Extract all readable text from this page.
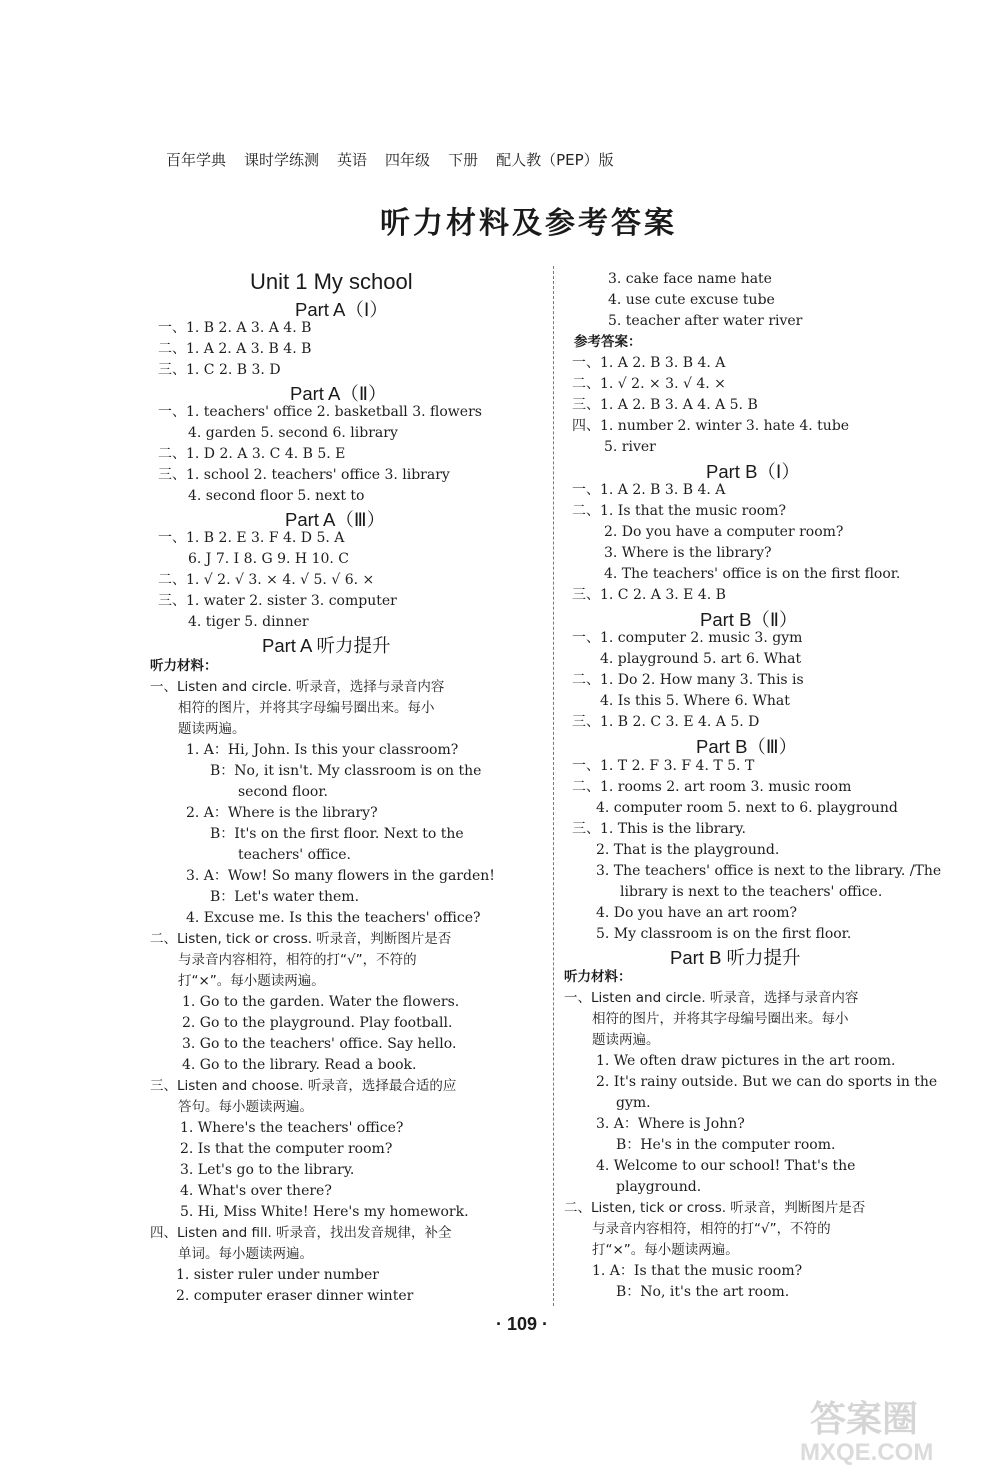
百年学典 课时学练测 英语 四年级 下册 配人教（PEP）版
听力材料及参考答案
Unit 1 My school
Part A（Ⅰ）
一、1. B 2. A 3. A 4. B
二、1. A 2. A 3. B 4. B
三、1. C 2. B 3. D
Part A（Ⅱ）
一、1. teachers' office 2. basketball 3. flowers
4. garden 5. second 6. library
二、1. D 2. A 3. C 4. B 5. E
三、1. school 2. teachers' office 3. library
4. second floor 5. next to
Part A（Ⅲ）
一、1. B 2. E 3. F 4. D 5. A
6. J 7. I 8. G 9. H 10. C
二、1. √ 2. √ 3. × 4. √ 5. √ 6. ×
三、1. water 2. sister 3. computer
4. tiger 5. dinner
Part A 听力提升
听力材料：
一、Listen and circle. 听录音，选择与录音内容
相符的图片，并将其字母编号圈出来。每小
题读两遍。
1. A：Hi, John. Is this your classroom?
B：No, it isn't. My classroom is on the
second floor.
2. A：Where is the library?
B：It's on the first floor. Next to the
teachers' office.
3. A：Wow! So many flowers in the garden!
B：Let's water them.
4. Excuse me. Is this the teachers' office?
二、Listen, tick or cross. 听录音，判断图片是否
与录音内容相符，相符的打“√”，不符的
打“×”。每小题读两遍。
1. Go to the garden. Water the flowers.
2. Go to the playground. Play football.
3. Go to the teachers' office. Say hello.
4. Go to the library. Read a book.
三、Listen and choose. 听录音，选择最合适的应
答句。每小题读两遍。
1. Where's the teachers' office?
2. Is that the computer room?
3. Let's go to the library.
4. What's over there?
5. Hi, Miss White! Here's my homework.
四、Listen and fill. 听录音，找出发音规律，补全
单词。每小题读两遍。
1. sister ruler under number
2. computer eraser dinner winter
3. cake face name hate
4. use cute excuse tube
5. teacher after water river
参考答案：
一、1. A 2. B 3. B 4. A
二、1. √ 2. × 3. √ 4. ×
三、1. A 2. B 3. A 4. A 5. B
四、1. number 2. winter 3. hate 4. tube
5. river
Part B（Ⅰ）
一、1. A 2. B 3. B 4. A
二、1. Is that the music room?
2. Do you have a computer room?
3. Where is the library?
4. The teachers' office is on the first floor.
三、1. C 2. A 3. E 4. B
Part B（Ⅱ）
一、1. computer 2. music 3. gym
4. playground 5. art 6. What
二、1. Do 2. How many 3. This is
4. Is this 5. Where 6. What
三、1. B 2. C 3. E 4. A 5. D
Part B（Ⅲ）
一、1. T 2. F 3. F 4. T 5. T
二、1. rooms 2. art room 3. music room
4. computer room 5. next to 6. playground
三、1. This is the library.
2. That is the playground.
3. The teachers' office is next to the library. /The
library is next to the teachers' office.
4. Do you have an art room?
5. My classroom is on the first floor.
Part B 听力提升
听力材料：
一、Listen and circle. 听录音，选择与录音内容
相符的图片，并将其字母编号圈出来。每小
题读两遍。
1. We often draw pictures in the art room.
2. It's rainy outside. But we can do sports in the
gym.
3. A：Where is John?
B：He's in the computer room.
4. Welcome to our school! That's the
playground.
二、Listen, tick or cross. 听录音，判断图片是否
与录音内容相符，相符的打“√”，不符的
打“×”。每小题读两遍。
1. A：Is that the music room?
B：No, it's the art room.
· 109 ·
答案圈
MXQE.COM
